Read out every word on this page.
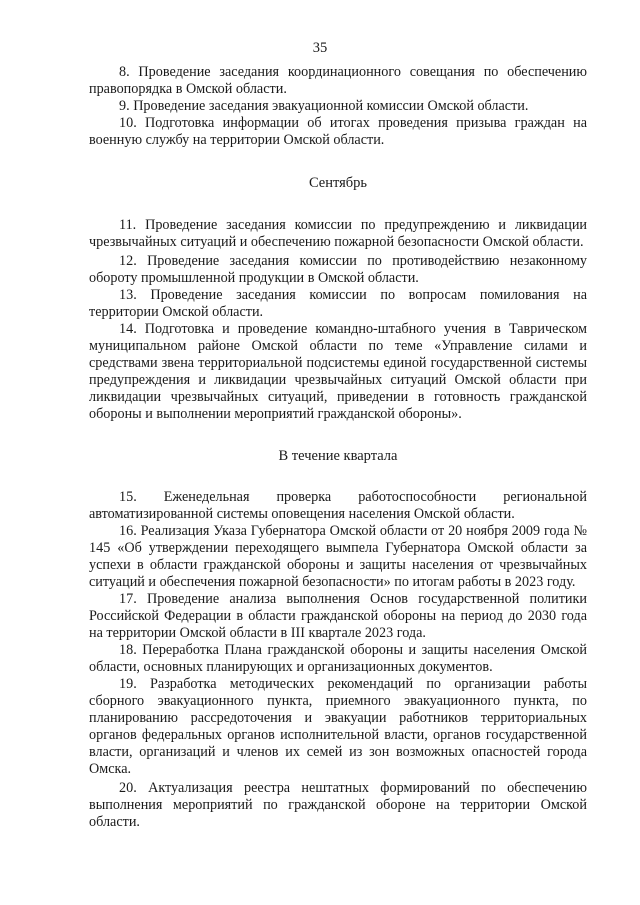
35

8. Проведение заседания координационного совещания по обеспечению правопорядка в Омской области.

9. Проведение заседания эвакуационной комиссии Омской области.

10. Подготовка информации об итогах проведения призыва граждан на военную службу на территории Омской области.

Сентябрь

11. Проведение заседания комиссии по предупреждению и ликвидации чрезвычайных ситуаций и обеспечению пожарной безопасности Омской области.

12. Проведение заседания комиссии по противодействию незаконному обороту промышленной продукции в Омской области.

13. Проведение заседания комиссии по вопросам помилования на территории Омской области.

14. Подготовка и проведение командно-штабного учения в Таврическом муниципальном районе Омской области по теме «Управление силами и средствами звена территориальной подсистемы единой государственной системы предупреждения и ликвидации чрезвычайных ситуаций Омской области при ликвидации чрезвычайных ситуаций, приведении в готовность гражданской обороны и выполнении мероприятий гражданской обороны».

В течение квартала

15. Еженедельная проверка работоспособности региональной автоматизированной системы оповещения населения Омской области.

16. Реализация Указа Губернатора Омской области от 20 ноября 2009 года № 145 «Об утверждении переходящего вымпела Губернатора Омской области за успехи в области гражданской обороны и защиты населения от чрезвычайных ситуаций и обеспечения пожарной безопасности» по итогам работы в 2023 году.

17. Проведение анализа выполнения Основ государственной политики Российской Федерации в области гражданской обороны на период до 2030 года на территории Омской области в III квартале 2023 года.

18. Переработка Плана гражданской обороны и защиты населения Омской области, основных планирующих и организационных документов.

19. Разработка методических рекомендаций по организации работы сборного эвакуационного пункта, приемного эвакуационного пункта, по планированию рассредоточения и эвакуации работников территориальных органов федеральных органов исполнительной власти, органов государственной власти, организаций и членов их семей из зон возможных опасностей города Омска.

20. Актуализация реестра нештатных формирований по обеспечению выполнения мероприятий по гражданской обороне на территории Омской области.
